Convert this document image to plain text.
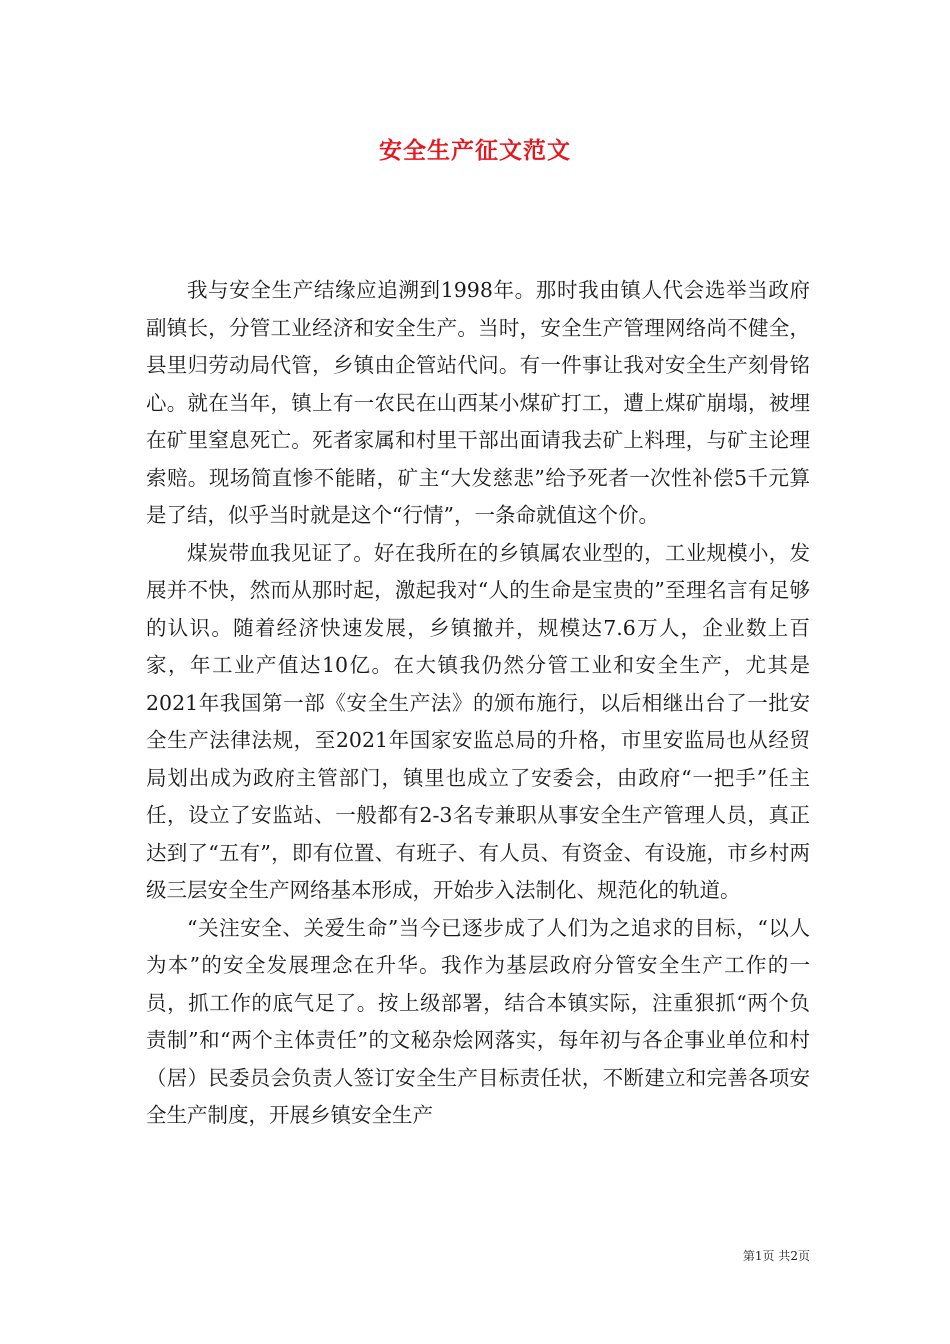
安全生产征文范文

我与安全生产结缘应追溯到1998年。那时我由镇人代会选举当政府副镇长，分管工业经济和安全生产。当时，安全生产管理网络尚不健全，县里归劳动局代管，乡镇由企管站代问。有一件事让我对安全生产刻骨铭心。就在当年，镇上有一农民在山西某小煤矿打工，遭上煤矿崩塌，被埋在矿里窒息死亡。死者家属和村里干部出面请我去矿上料理，与矿主论理索赔。现场简直惨不能睹，矿主“大发慈悲”给予死者一次性补偿5千元算是了结，似乎当时就是这个“行情”，一条命就值这个价。

煤炭带血我见证了。好在我所在的乡镇属农业型的，工业规模小，发展并不快，然而从那时起，激起我对“人的生命是宝贵的”至理名言有足够的认识。随着经济快速发展，乡镇撤并，规模达7.6万人，企业数上百家，年工业产值达10亿。在大镇我仍然分管工业和安全生产，尤其是2021年我国第一部《安全生产法》的颁布施行，以后相继出台了一批安全生产法律法规，至2021年国家安监总局的升格，市里安监局也从经贸局划出成为政府主管部门，镇里也成立了安委会，由政府“一把手”任主任，设立了安监站、一般都有2-3名专兼职从事安全生产管理人员，真正达到了“五有”，即有位置、有班子、有人员、有资金、有设施，市乡村两级三层安全生产网络基本形成，开始步入法制化、规范化的轨道。

“关注安全、关爱生命”当今已逐步成了人们为之追求的目标，“以人为本”的安全发展理念在升华。我作为基层政府分管安全生产工作的一员，抓工作的底气足了。按上级部署，结合本镇实际，注重狠抓“两个负责制”和“两个主体责任”的文秘杂烩网落实，每年初与各企事业单位和村（居）民委员会负责人签订安全生产目标责任状，不断建立和完善各项安全生产制度，开展乡镇安全生产

第1页 共2页
